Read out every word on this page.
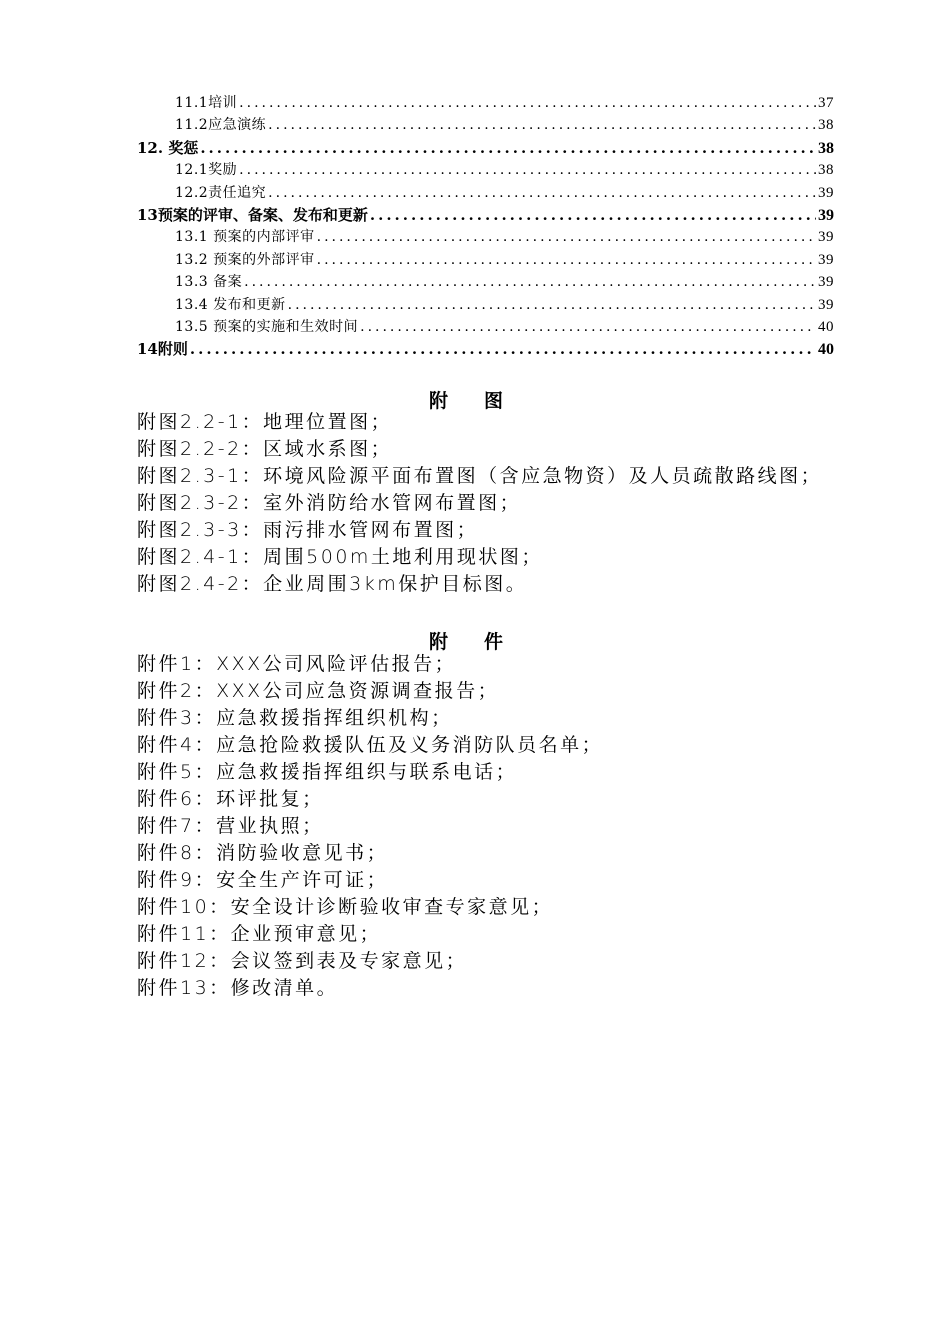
11.1培训 .....	37
11.2应急演练 .....	38
12. 奖惩 .....	38
12.1奖励 .....	38
12.2责任追究 .....	39
13预案的评审、备案、发布和更新 .....	39
13.1 预案的内部评审 .....	39
13.2 预案的外部评审 .....	39
13.3 备案 .....	39
13.4 发布和更新 .....	39
13.5 预案的实施和生效时间 .....	40
14附则 .....	40
附图
附图2.2-1：地理位置图；
附图2.2-2：区域水系图；
附图2.3-1：环境风险源平面布置图（含应急物资）及人员疏散路线图；
附图2.3-2：室外消防给水管网布置图；
附图2.3-3：雨污排水管网布置图；
附图2.4-1：周围500m土地利用现状图；
附图2.4-2：企业周围3km保护目标图。
附件
附件1：XXX公司风险评估报告；
附件2：XXX公司应急资源调查报告；
附件3：应急救援指挥组织机构；
附件4：应急抢险救援队伍及义务消防队员名单；
附件5：应急救援指挥组织与联系电话；
附件6：环评批复；
附件7：营业执照；
附件8：消防验收意见书；
附件9：安全生产许可证；
附件10：安全设计诊断验收审查专家意见；
附件11：企业预审意见；
附件12：会议签到表及专家意见；
附件13：修改清单。
